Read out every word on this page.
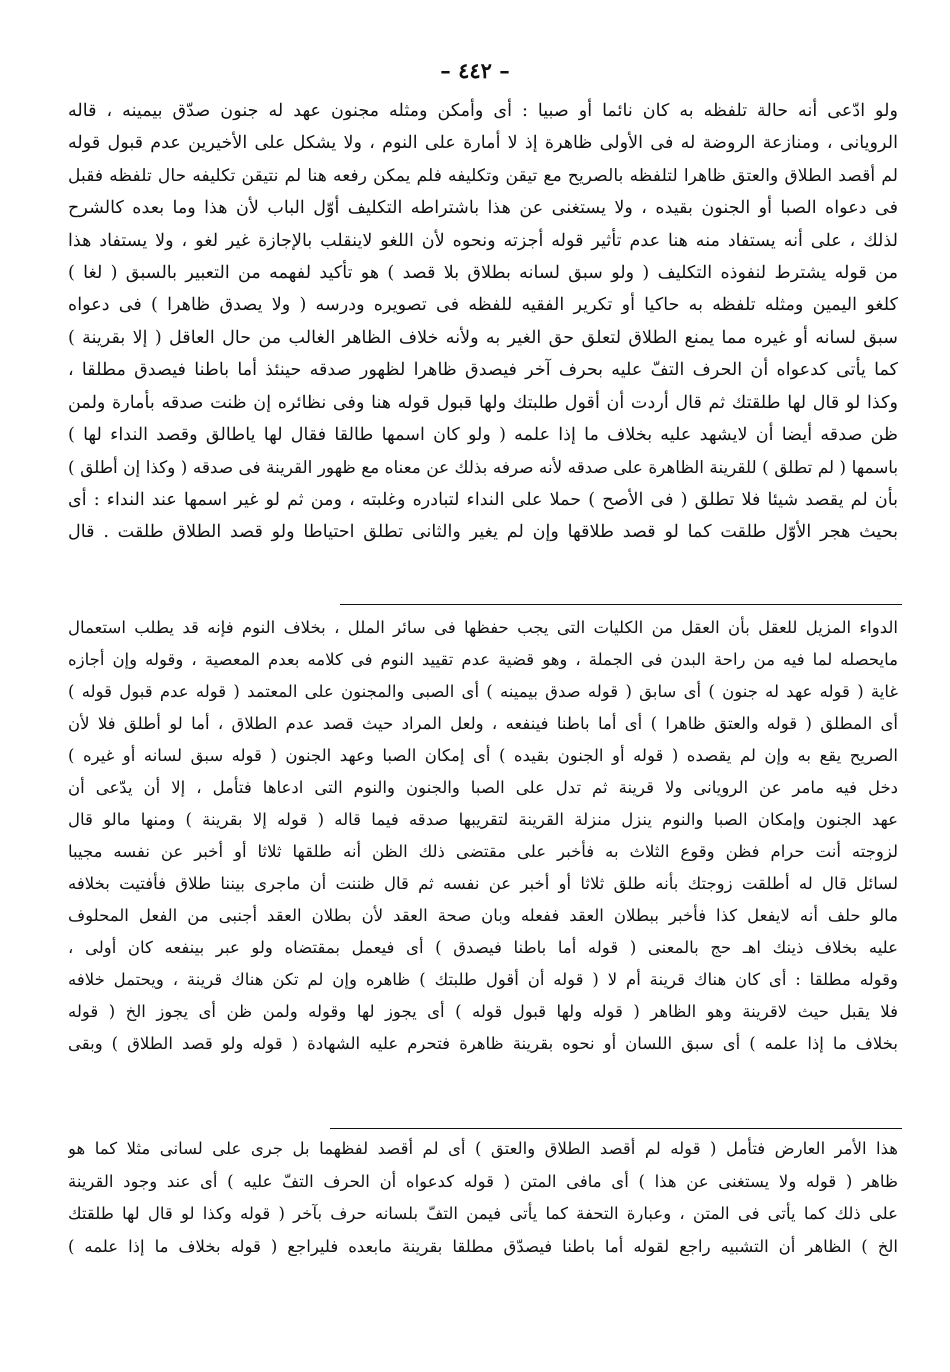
– ٤٤٢ –
ولو ادّعى أنه حالة تلفظه به كان نائما أو صبيا : أى وأمكن ومثله مجنون عهد له جنون صدّق بيمينه ، قاله
الرويانى ، ومنازعة الروضة له فى الأولى ظاهرة إذ لا أمارة على النوم ، ولا يشكل على الأخيرين عدم قبول قوله
لم أقصد الطلاق والعتق ظاهرا لتلفظه بالصريح مع تيقن وتكليفه فلم يمكن رفعه هنا لم نتيقن تكليفه حال تلفظه فقبل
فى دعواه الصبا أو الجنون بقيده ، ولا يستغنى عن هذا باشتراطه التكليف أوّل الباب لأن هذا وما بعده كالشرح
لذلك ، على أنه يستفاد منه هنا عدم تأثير قوله أجزته ونحوه لأن اللغو لاينقلب بالإجازة غير لغو ، ولا يستفاد هذا
من قوله يشترط لنفوذه التكليف ( ولو سبق لسانه بطلاق بلا قصد ) هو تأكيد لفهمه من التعبير بالسبق ( لغا )
كلغو اليمين ومثله تلفظه به حاكيا أو تكرير الفقيه للفظه فى تصويره ودرسه ( ولا يصدق ظاهرا ) فى دعواه
سبق لسانه أو غيره مما يمنع الطلاق لتعلق حق الغير به ولأنه خلاف الظاهر الغالب من حال العاقل ( إلا بقرينة )
كما يأتى كدعواه أن الحرف التفّ عليه بحرف آخر فيصدق ظاهرا لظهور صدقه حينئذ أما باطنا فيصدق مطلقا ،
وكذا لو قال لها طلقتك ثم قال أردت أن أقول طلبتك ولها قبول قوله هنا وفى نظائره إن ظنت صدقه بأمارة ولمن
ظن صدقه أيضا أن لايشهد عليه بخلاف ما إذا علمه ( ولو كان اسمها طالقا فقال لها ياطالق وقصد النداء لها )
باسمها ( لم تطلق ) للقرينة الظاهرة على صدقه لأنه صرفه بذلك عن معناه مع ظهور القرينة فى صدقه ( وكذا إن أطلق )
بأن لم يقصد شيئا فلا تطلق ( فى الأصح ) حملا على النداء لتبادره وغلبته ، ومن ثم لو غير اسمها عند النداء : أى
بحيث هجر الأوّل طلقت كما لو قصد طلاقها وإن لم يغير والثانى تطلق احتياطا ولو قصد الطلاق طلقت . قال
الدواء المزيل للعقل بأن العقل من الكليات التى يجب حفظها فى سائر الملل ، بخلاف النوم فإنه قد يطلب استعمال
مايحصله لما فيه من راحة البدن فى الجملة ، وهو قضية عدم تقييد النوم فى كلامه بعدم المعصية ، وقوله وإن أجازه
غاية ( قوله عهد له جنون ) أى سابق ( قوله صدق بيمينه ) أى الصبى والمجنون على المعتمد ( قوله عدم قبول قوله )
أى المطلق ( قوله والعتق ظاهرا ) أى أما باطنا فينفعه ، ولعل المراد حيث قصد عدم الطلاق ، أما لو أطلق فلا لأن
الصريح يقع به وإن لم يقصده ( قوله أو الجنون بقيده ) أى إمكان الصبا وعهد الجنون ( قوله سبق لسانه أو غيره )
دخل فيه مامر عن الرويانى ولا قرينة ثم تدل على الصبا والجنون والنوم التى ادعاها فتأمل ، إلا أن يدّعى أن
عهد الجنون وإمكان الصبا والنوم ينزل منزلة القرينة لتقريبها صدقه فيما قاله ( قوله إلا بقرينة ) ومنها مالو قال
لزوجته أنت حرام فظن وقوع الثلاث به فأخبر على مقتضى ذلك الظن أنه طلقها ثلاثا أو أخبر عن نفسه مجيبا
لسائل قال له أطلقت زوجتك بأنه طلق ثلاثا أو أخبر عن نفسه ثم قال ظننت أن ماجرى بيننا طلاق فأفتيت بخلافه
مالو حلف أنه لايفعل كذا فأخبر ببطلان العقد ففعله وبان صحة العقد لأن بطلان العقد أجنبى من الفعل المحلوف
عليه بخلاف ذينك اهـ حج بالمعنى ( قوله أما باطنا فيصدق ) أى فيعمل بمقتضاه ولو عبر بينفعه كان أولى ،
وقوله مطلقا : أى كان هناك قرينة أم لا ( قوله أن أقول طلبتك ) ظاهره وإن لم تكن هناك قرينة ، ويحتمل خلافه
فلا يقبل حيث لاقرينة وهو الظاهر ( قوله ولها قبول قوله ) أى يجوز لها وقوله ولمن ظن أى يجوز الخ ( قوله
بخلاف ما إذا علمه ) أى سبق اللسان أو نحوه بقرينة ظاهرة فتحرم عليه الشهادة ( قوله ولو قصد الطلاق ) وبقى
هذا الأمر العارض فتأمل ( قوله لم أقصد الطلاق والعتق ) أى لم أقصد لفظهما بل جرى على لسانى مثلا كما هو
ظاهر ( قوله ولا يستغنى عن هذا ) أى مافى المتن ( قوله كدعواه أن الحرف التفّ عليه ) أى عند وجود القرينة
على ذلك كما يأتى فى المتن ، وعبارة التحفة كما يأتى فيمن التفّ بلسانه حرف بآخر ( قوله وكذا لو قال لها طلقتك
الخ ) الظاهر أن التشبيه راجع لقوله أما باطنا فيصدّق مطلقا بقرينة مابعده فليراجع ( قوله بخلاف ما إذا علمه )
